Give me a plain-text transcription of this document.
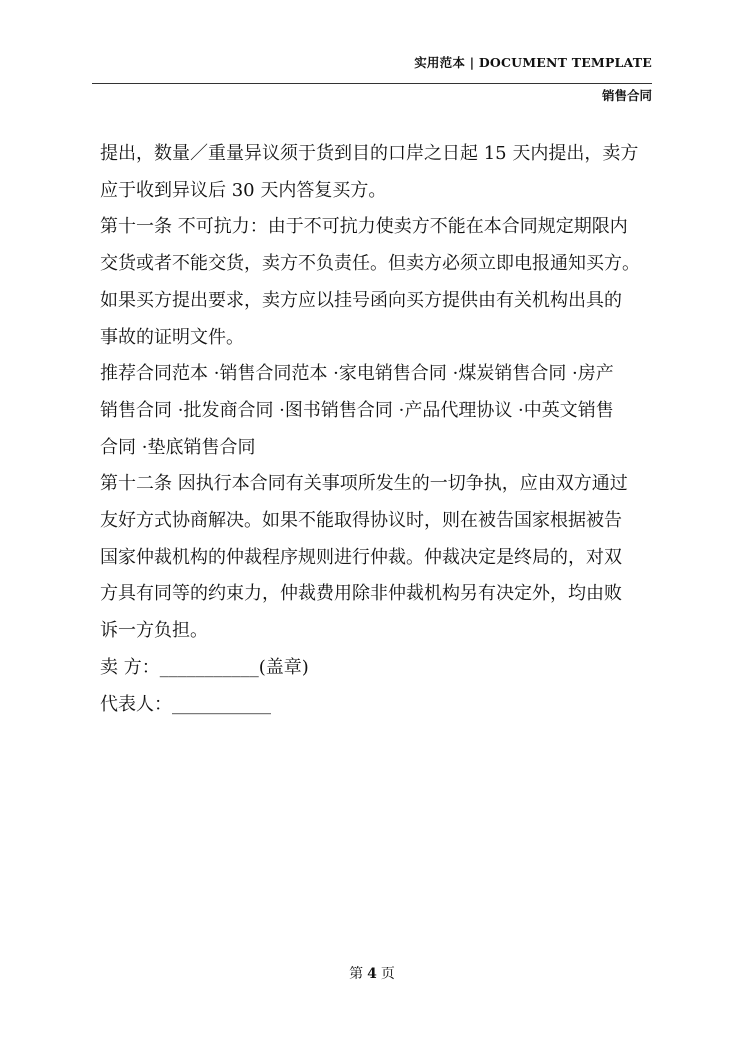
实用范本 | DOCUMENT TEMPLATE
销售合同

提出，数量／重量异议须于货到目的口岸之日起 15 天内提出，卖方

应于收到异议后 30 天内答复买方。

第十一条 不可抗力：由于不可抗力使卖方不能在本合同规定期限内

交货或者不能交货，卖方不负责任。但卖方必须立即电报通知买方。

如果买方提出要求，卖方应以挂号函向买方提供由有关机构出具的

事故的证明文件。

推荐合同范本 ·销售合同范本 ·家电销售合同 ·煤炭销售合同 ·房产

销售合同 ·批发商合同 ·图书销售合同 ·产品代理协议 ·中英文销售

合同 ·垫底销售合同

第十二条 因执行本合同有关事项所发生的一切争执，应由双方通过

友好方式协商解决。如果不能取得协议时，则在被告国家根据被告

国家仲裁机构的仲裁程序规则进行仲裁。仲裁决定是终局的，对双

方具有同等的约束力，仲裁费用除非仲裁机构另有决定外，均由败

诉一方负担。

卖 方：___________(盖章)

代表人：___________

第 4 页
